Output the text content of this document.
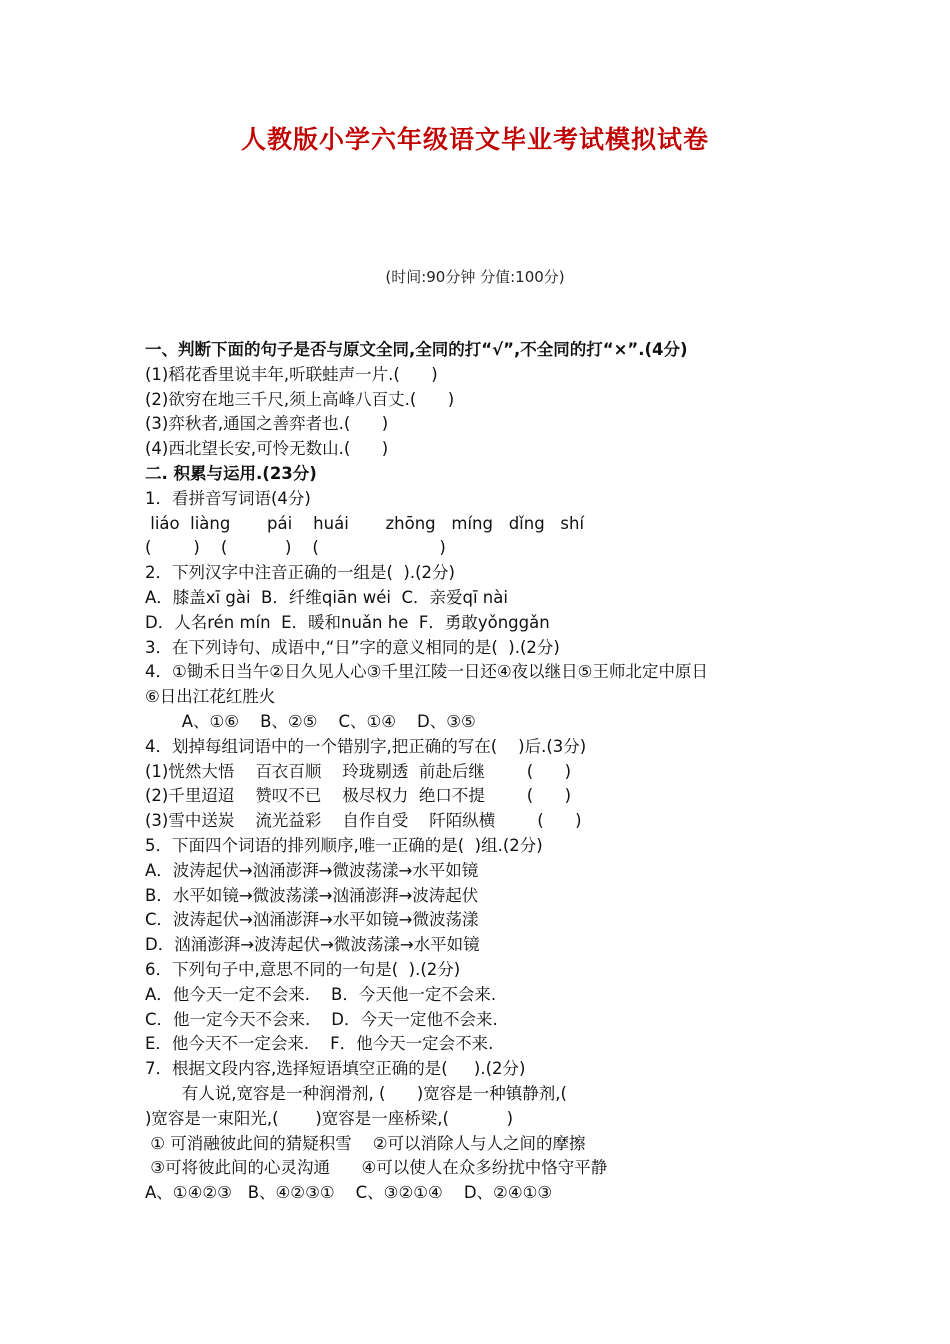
人教版小学六年级语文毕业考试模拟试卷
(时间:90分钟 分值:100分)
一、判断下面的句子是否与原文全同,全同的打“√”,不全同的打“×”.(4分)
(1)稻花香里说丰年,听联蛙声一片.(      )
(2)欲穷在地三千尺,须上高峰八百丈.(      )
(3)弈秋者,通国之善弈者也.(      )
(4)西北望长安,可怜无数山.(      )
二. 积累与运用.(23分)
1．看拼音写词语(4分)
liáo  liàng       pái    huái       zhōng   míng   dǐng   shí
(        )    (           )    (                       )
2．下列汉字中注音正确的一组是(  ).(2分)
A．膝盖xī gài  B．纤维qiān wéi  C．亲爱qī nài
D．人名rén mín  E．暖和nuǎn he  F．勇敢yǒnggǎn
3．在下列诗句、成语中,“日”字的意义相同的是(  ).(2分)
4．①锄禾日当午②日久见人心③千里江陵一日还④夜以继日⑤王师北定中原日
⑥日出江花红胜火
A、①⑥    B、②⑤    C、①④    D、③⑤
4．划掉每组词语中的一个错别字,把正确的写在(    )后.(3分)
(1)恍然大悟    百衣百顺    玲珑剔透  前赴后继        (      )
(2)千里迢迢    赞叹不已    极尽权力  绝口不提        (      )
(3)雪中送炭    流光益彩    自作自受    阡陌纵横        (      )
5．下面四个词语的排列顺序,唯一正确的是(  )组.(2分)
A．波涛起伏→汹涌澎湃→微波荡漾→水平如镜
B．水平如镜→微波荡漾→汹涌澎湃→波涛起伏
C．波涛起伏→汹涌澎湃→水平如镜→微波荡漾
D．汹涌澎湃→波涛起伏→微波荡漾→水平如镜
6．下列句子中,意思不同的一句是(  ).(2分)
A．他今天一定不会来.    B．今天他一定不会来.
C．他一定今天不会来.    D．今天一定他不会来.
E．他今天不一定会来.    F．他今天一定会不来.
7．根据文段内容,选择短语填空正确的是(     ).(2分)
有人说,宽容是一种润滑剂, (      )宽容是一种镇静剂,(
)宽容是一束阳光,(       )宽容是一座桥梁,(           )
① 可消融彼此间的猜疑积雪    ②可以消除人与人之间的摩擦
③可将彼此间的心灵沟通      ④可以使人在众多纷扰中恪守平静
A、①④②③   B、④②③①    C、③②①④    D、②④①③
